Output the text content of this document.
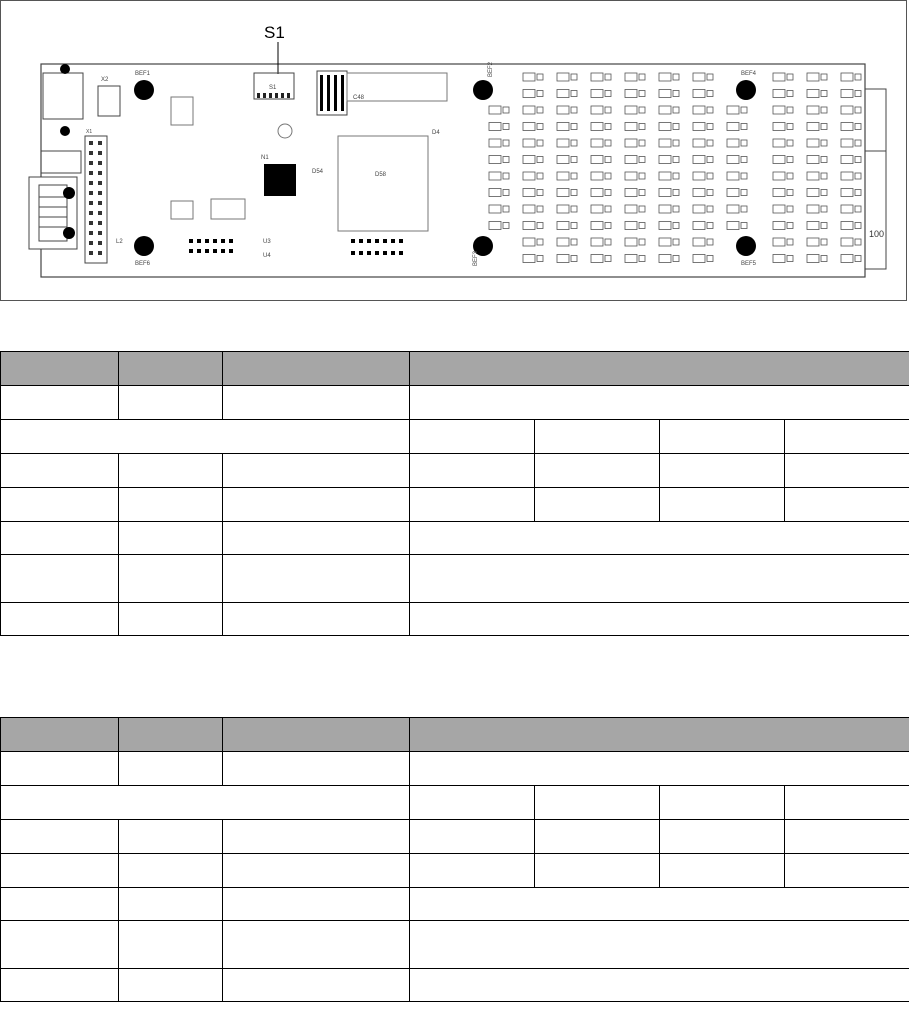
100
S1
S1
X2
X1
BEF1	BEF4
BEF6	BEF5
BEF2
BEF3
D58
D54
N1
L2	U3
U4
D4
C48
